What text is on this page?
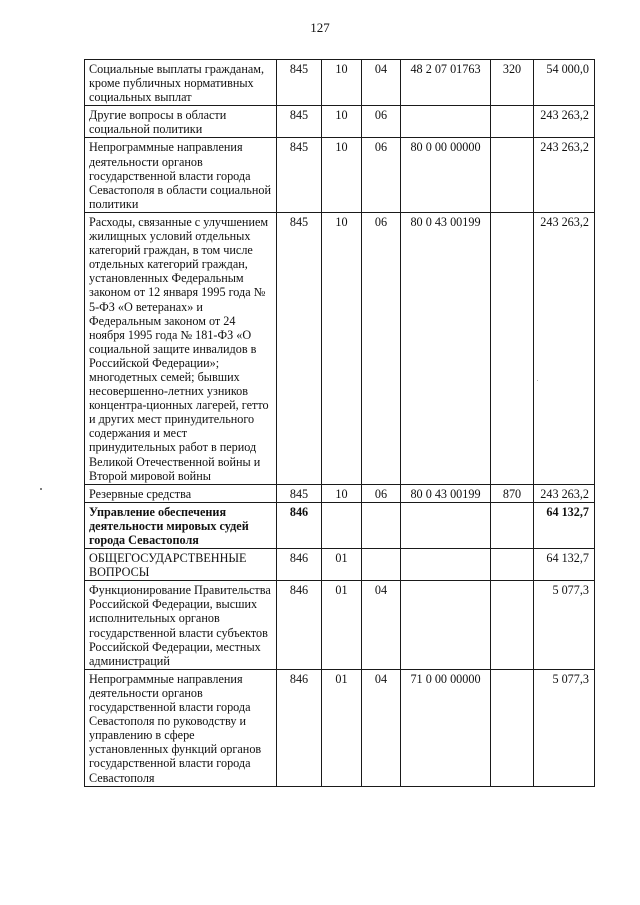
127
Социальные выплаты гражданам, кроме публичных нормативных социальных выплат	845	10	04	48 2 07 01763	320	54 000,0
Другие вопросы в области социальной политики	845	10	06			243 263,2
Непрограммные направления деятельности органов государственной власти города Севастополя в области социальной политики	845	10	06	80 0 00 00000		243 263,2
Расходы, связанные с улучшением жилищных условий отдельных категорий граждан, в том числе отдельных категорий граждан, установленных Федеральным законом от 12 января 1995 года № 5-ФЗ «О ветеранах» и Федеральным законом от 24 ноября 1995 года № 181-ФЗ «О социальной защите инвалидов в Российской Федерации»; многодетных семей; бывших несовершенно-летних узников концентра-ционных лагерей, гетто и других мест принудительного содержания и мест принудительных работ в период Великой Отечественной войны и Второй мировой войны	845	10	06	80 0 43 00199		243 263,2
Резервные средства	845	10	06	80 0 43 00199	870	243 263,2
Управление обеспечения деятельности мировых судей города Севастополя	846					64 132,7
ОБЩЕГОСУДАРСТВЕННЫЕ ВОПРОСЫ	846	01				64 132,7
Функционирование Правительства Российской Федерации, высших исполнительных органов государственной власти субъектов Российской Федерации, местных администраций	846	01	04			5 077,3
Непрограммные направления деятельности органов государственной власти города Севастополя по руководству и управлению в сфере установленных функций органов государственной власти города Севастополя	846	01	04	71 0 00 00000		5 077,3
